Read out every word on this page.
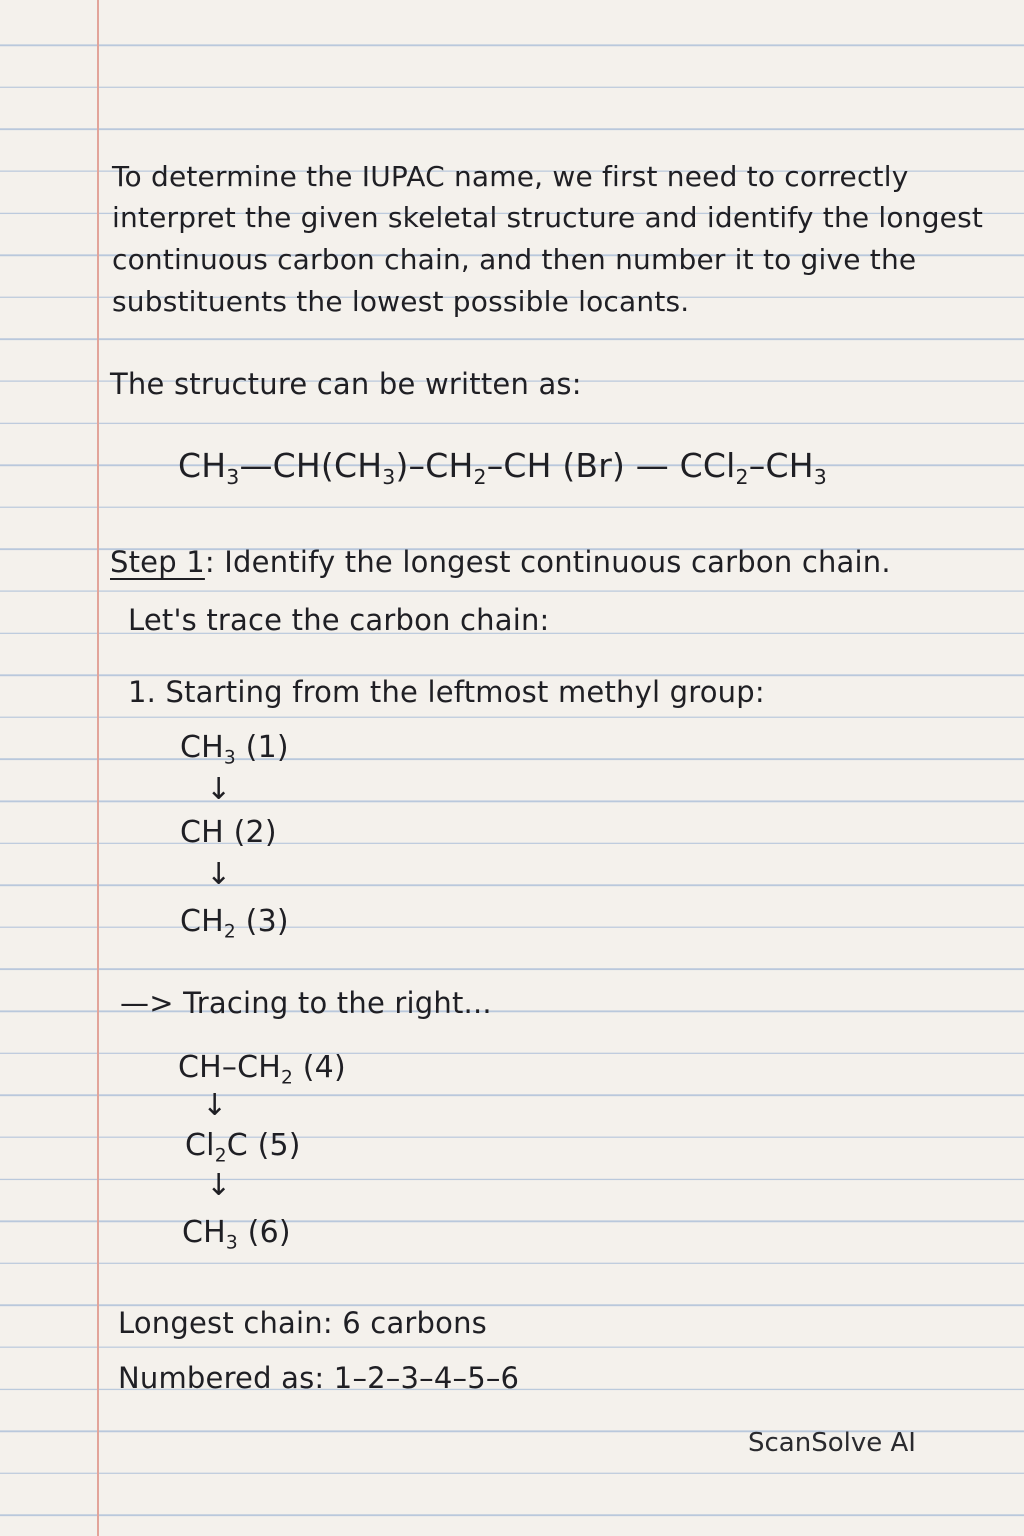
To determine the IUPAC name, we first need to correctly
interpret the given skeletal structure and identify the longest
continuous carbon chain, and then number it to give the
substituents the lowest possible locants.
The structure can be written as:
$CH_3—CH(CH_3)-CH_2-CH$ (Br) — $CCl_2-CH_3$
Step 1: Identify the longest continuous carbon chain.
Let's trace the carbon chain:
1. Starting from the leftmost methyl group:
$CH_3$ (1)
↓
CH (2)
↓
$CH_2$ (3)
—> Tracing to the right...
$CH-CH_2$ (4)
↓
$Cl_2C$ (5)
↓
$CH_3$ (6)
Longest chain: 6 carbons
Numbered as: 1–2–3–4–5–6
ScanSolve AI
